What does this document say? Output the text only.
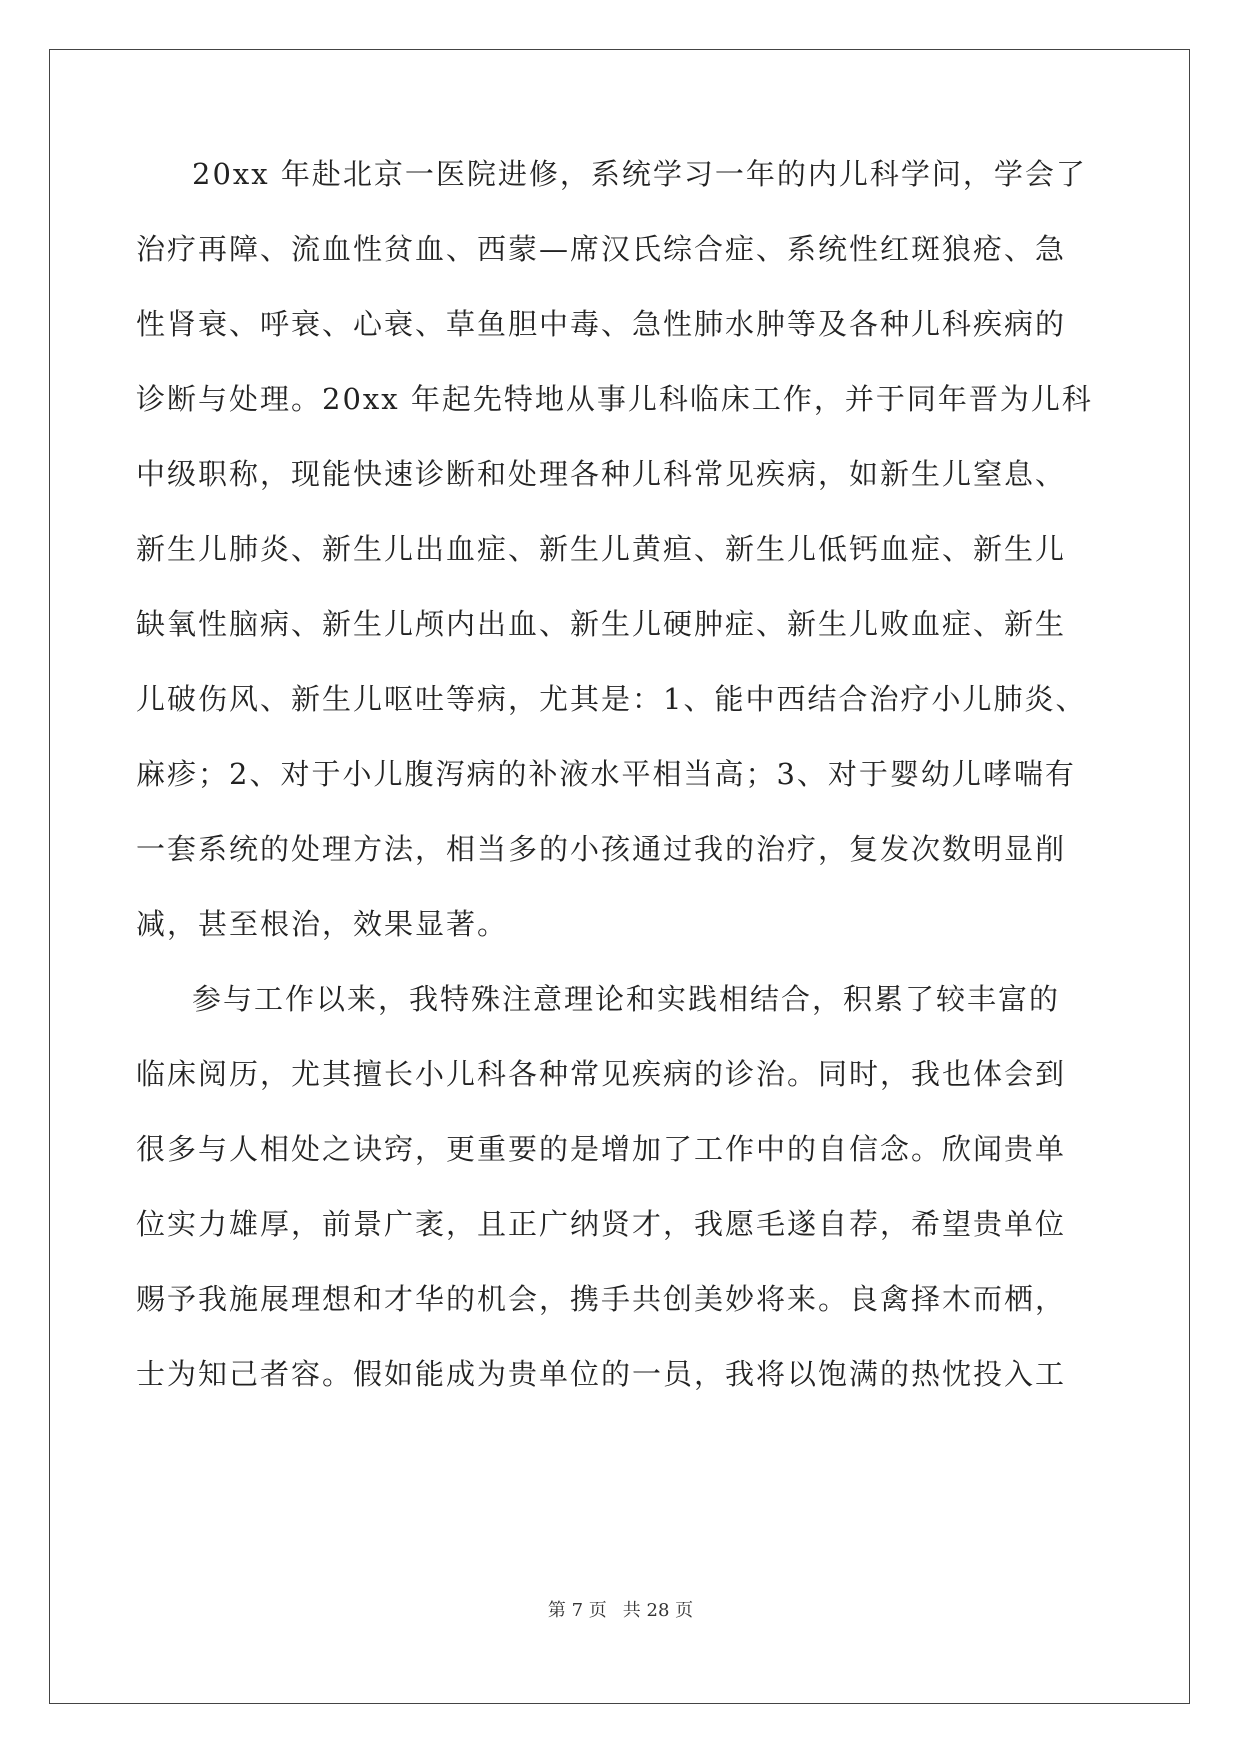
20xx 年赴北京一医院进修，系统学习一年的内儿科学问，学会了
治疗再障、流血性贫血、西蒙—席汉氏综合症、系统性红斑狼疮、急
性肾衰、呼衰、心衰、草鱼胆中毒、急性肺水肿等及各种儿科疾病的
诊断与处理。20xx 年起先特地从事儿科临床工作，并于同年晋为儿科
中级职称，现能快速诊断和处理各种儿科常见疾病，如新生儿窒息、
新生儿肺炎、新生儿出血症、新生儿黄疸、新生儿低钙血症、新生儿
缺氧性脑病、新生儿颅内出血、新生儿硬肿症、新生儿败血症、新生
儿破伤风、新生儿呕吐等病，尤其是：1、能中西结合治疗小儿肺炎、
麻疹；2、对于小儿腹泻病的补液水平相当高；3、对于婴幼儿哮喘有
一套系统的处理方法，相当多的小孩通过我的治疗，复发次数明显削
减，甚至根治，效果显著。
参与工作以来，我特殊注意理论和实践相结合，积累了较丰富的
临床阅历，尤其擅长小儿科各种常见疾病的诊治。同时，我也体会到
很多与人相处之诀窍，更重要的是增加了工作中的自信念。欣闻贵单
位实力雄厚，前景广袤，且正广纳贤才，我愿毛遂自荐，希望贵单位
赐予我施展理想和才华的机会，携手共创美妙将来。良禽择木而栖，
士为知己者容。假如能成为贵单位的一员，我将以饱满的热忱投入工
第 7 页 共 28 页
